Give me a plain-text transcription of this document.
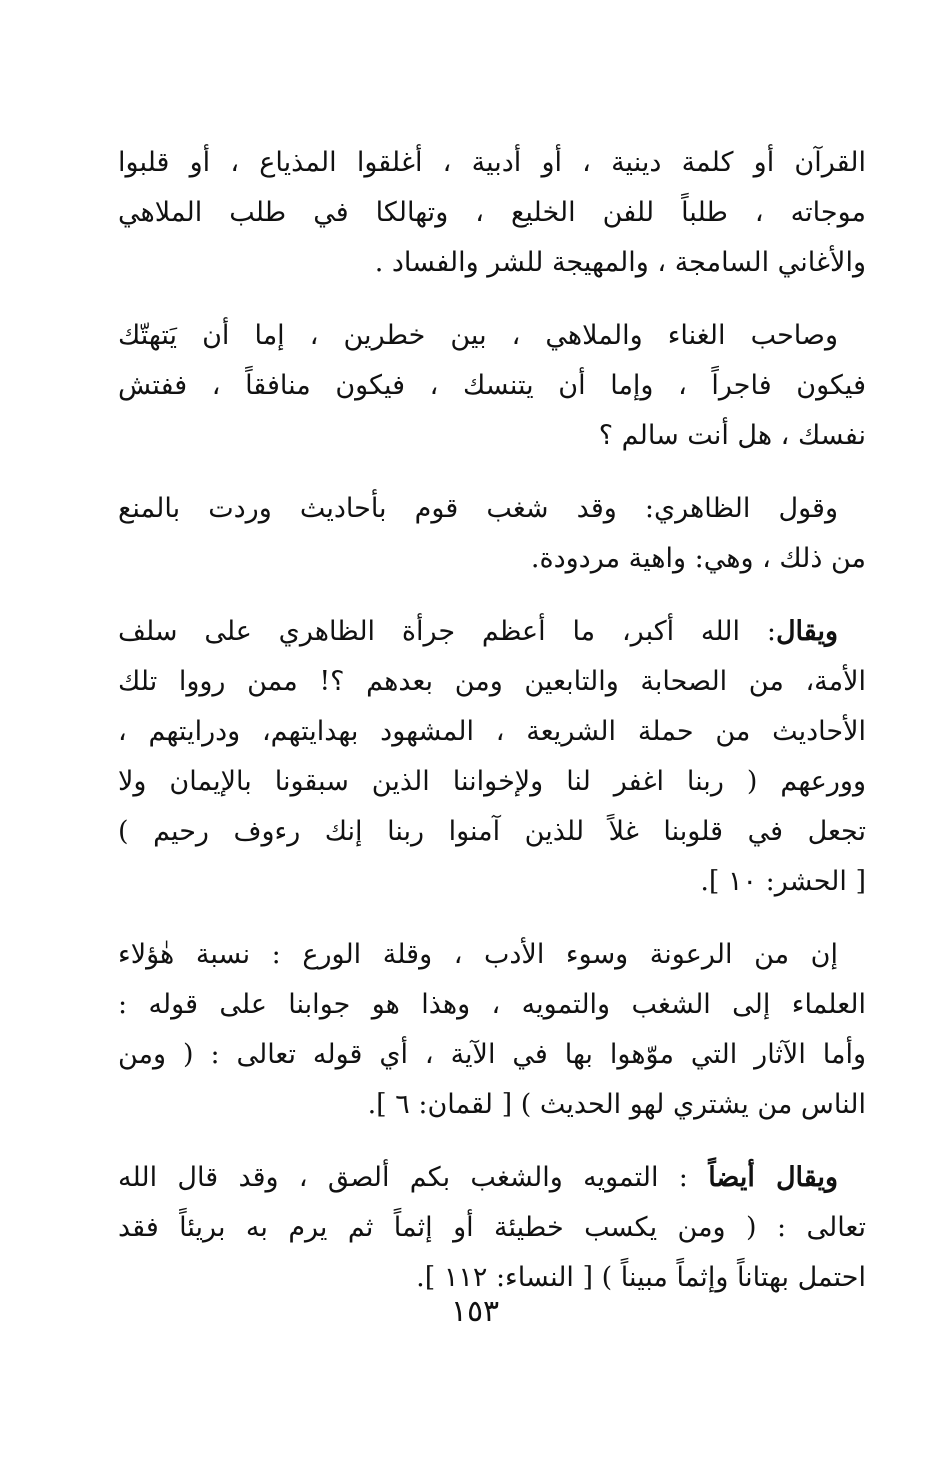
القرآن أو كلمة دينية ، أو أدبية ، أغلقوا المذياع ، أو قلبوا
موجاته ، طلباً للفن الخليع ، وتهالكا في طلب الملاهي
والأغاني السامجة ، والمهيجة للشر والفساد .
وصاحب الغناء والملاهي ، بين خطرين ، إما أن يَتهتّك
فيكون فاجراً ، وإما أن يتنسك ، فيكون منافقاً ، ففتش
نفسك ، هل أنت سالم ؟
وقول الظاهري: وقد شغب قوم بأحاديث وردت بالمنع
من ذلك ، وهي: واهية مردودة.
ويقال: الله أكبر، ما أعظم جرأة الظاهري على سلف
الأمة، من الصحابة والتابعين ومن بعدهم ؟! ممن رووا تلك
الأحاديث من حملة الشريعة ، المشهود بهدايتهم، ودرايتهم ،
وورعهم ( ربنا اغفر لنا ولإخواننا الذين سبقونا بالإيمان ولا
تجعل في قلوبنا غلاً للذين آمنوا ربنا إنك رءوف رحيم )
[ الحشر: ١٠ ].
إن من الرعونة وسوء الأدب ، وقلة الورع : نسبة هٰؤلاء
العلماء إلى الشغب والتمويه ، وهذا هو جوابنا على قوله :
وأما الآثار التي موّهوا بها في الآية ، أي قوله تعالى : ( ومن
الناس من يشتري لهو الحديث ) [ لقمان: ٦ ].
ويقال أيضاً : التمويه والشغب بكم ألصق ، وقد قال الله
تعالى : ( ومن يكسب خطيئة أو إثماً ثم يرم به بريئاً فقد
احتمل بهتاناً وإثماً مبيناً ) [ النساء: ١١٢ ].
١٥٣
